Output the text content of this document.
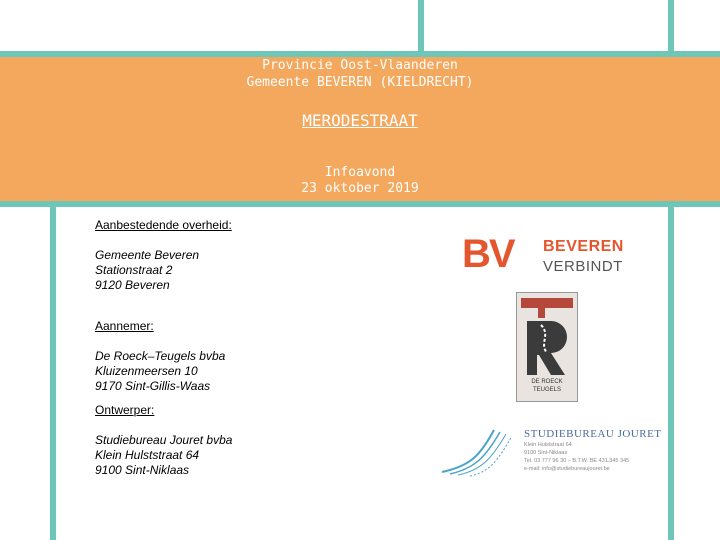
Provincie Oost-Vlaanderen
Gemeente BEVEREN (KIELDRECHT)
MERODESTRAAT
Infoavond
23 oktober 2019
Aanbestedende overheid:
Gemeente Beveren
Stationstraat 2
9120 Beveren
Aannemer:
De Roeck–Teugels bvba
Kluizenmeersen 10
9170 Sint-Gillis-Waas
Ontwerper:
Studiebureau Jouret bvba
Klein Hulststraat 64
9100 Sint-Niklaas
BV BEVEREN
VERBINDT
DE ROECK
TEUGELS
STUDIEBUREAU JOURET
Klein Hulststraat 64
9100 Sint-Niklaas
Tel. 03 777 96 30 – B.T.W. BE 431.345 345
e-mail: info@studiebureaujouret.be
